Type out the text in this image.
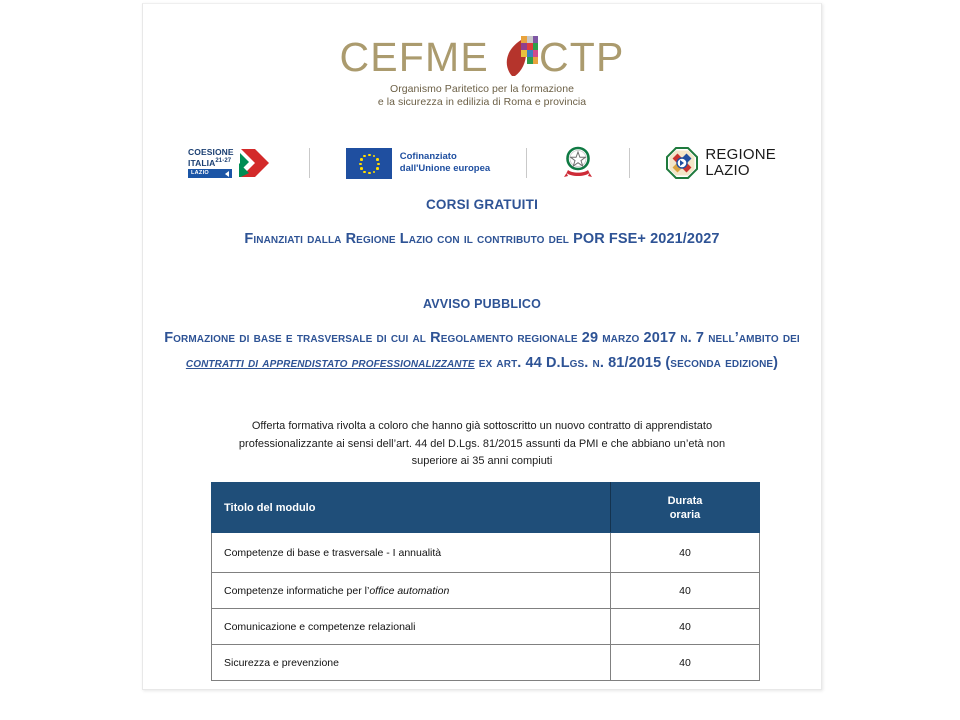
CEFME CTP
Organismo Paritetico per la formazione
e la sicurezza in edilizia di Roma e provincia
COESIONE
ITALIA$^{21-27}$
LAZIO
Cofinanziato
dall'Unione europea
REGIONE
LAZIO
CORSI GRATUITI
Finanziati dalla Regione Lazio con il contributo del POR FSE+ 2021/2027
AVVISO PUBBLICO
Formazione di base e trasversale di cui al Regolamento regionale 29 marzo 2017 n. 7 nell’ambito dei contratti di apprendistato professionalizzante ex art. 44 D.Lgs. n. 81/2015 (seconda edizione)
Offerta formativa rivolta a coloro che hanno già sottoscritto un nuovo contratto di apprendistato professionalizzante ai sensi dell’art. 44 del D.Lgs. 81/2015 assunti da PMI e che abbiano un’età non superiore ai 35 anni compiuti
Titolo del modulo	Durata
oraria
Competenze di base e trasversale - I annualità	40
Competenze informatiche per l’office automation	40
Comunicazione e competenze relazionali	40
Sicurezza e prevenzione	40
